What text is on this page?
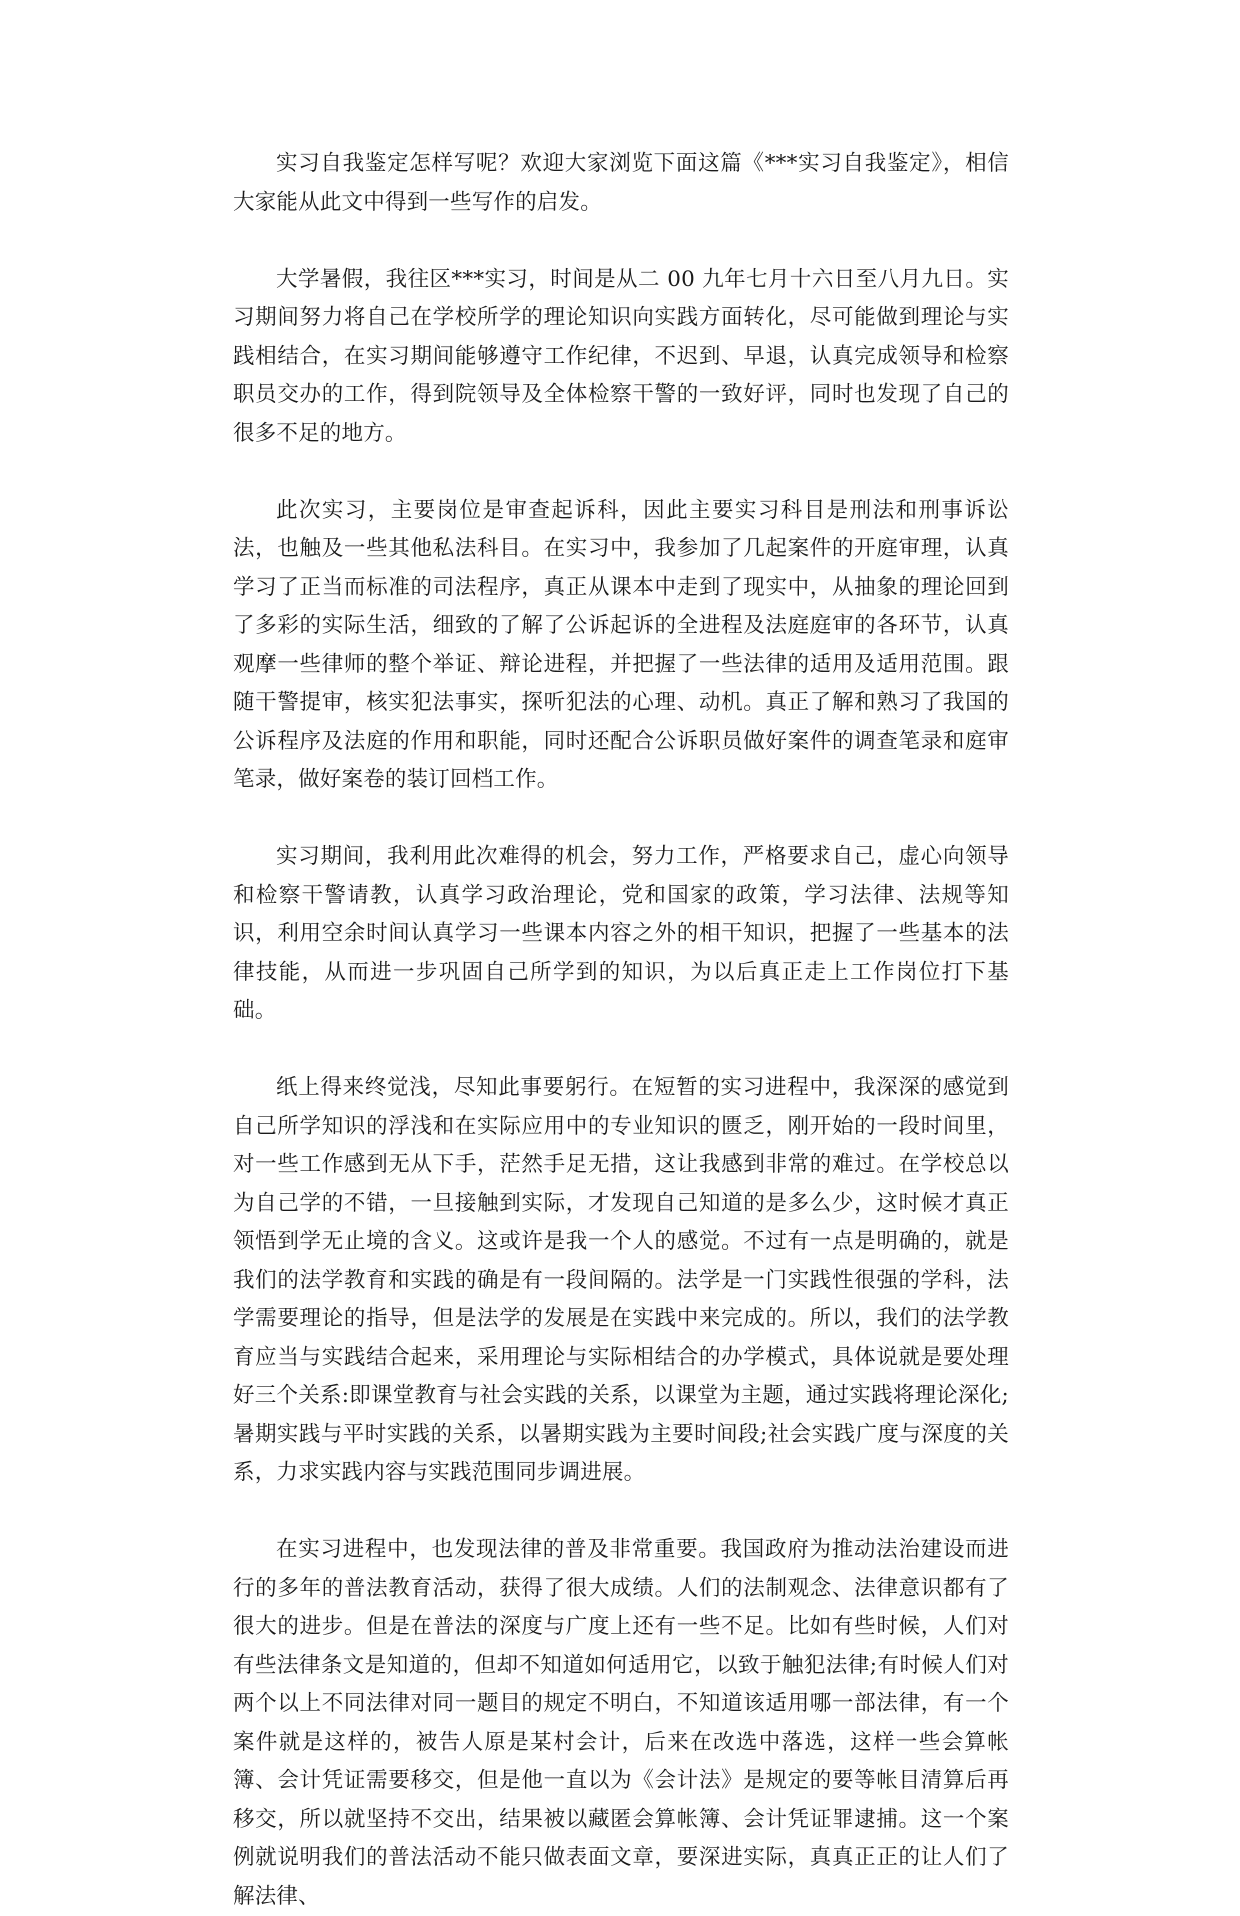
实习自我鉴定怎样写呢？欢迎大家浏览下面这篇《***实习自我鉴定》，相信大家能从此文中得到一些写作的启发。

大学暑假，我往区***实习，时间是从二 00 九年七月十六日至八月九日。实习期间努力将自己在学校所学的理论知识向实践方面转化，尽可能做到理论与实践相结合，在实习期间能够遵守工作纪律，不迟到、早退，认真完成领导和检察职员交办的工作，得到院领导及全体检察干警的一致好评，同时也发现了自己的很多不足的地方。

此次实习，主要岗位是审查起诉科，因此主要实习科目是刑法和刑事诉讼法，也触及一些其他私法科目。在实习中，我参加了几起案件的开庭审理，认真学习了正当而标准的司法程序，真正从课本中走到了现实中，从抽象的理论回到了多彩的实际生活，细致的了解了公诉起诉的全进程及法庭庭审的各环节，认真观摩一些律师的整个举证、辩论进程，并把握了一些法律的适用及适用范围。跟随干警提审，核实犯法事实，探听犯法的心理、动机。真正了解和熟习了我国的公诉程序及法庭的作用和职能，同时还配合公诉职员做好案件的调查笔录和庭审笔录，做好案卷的装订回档工作。

实习期间，我利用此次难得的机会，努力工作，严格要求自己，虚心向领导和检察干警请教，认真学习政治理论，党和国家的政策，学习法律、法规等知识，利用空余时间认真学习一些课本内容之外的相干知识，把握了一些基本的法律技能，从而进一步巩固自己所学到的知识，为以后真正走上工作岗位打下基础。

纸上得来终觉浅，尽知此事要躬行。在短暂的实习进程中，我深深的感觉到自己所学知识的浮浅和在实际应用中的专业知识的匮乏，刚开始的一段时间里，对一些工作感到无从下手，茫然手足无措，这让我感到非常的难过。在学校总以为自己学的不错，一旦接触到实际，才发现自己知道的是多么少，这时候才真正领悟到学无止境的含义。这或许是我一个人的感觉。不过有一点是明确的，就是我们的法学教育和实践的确是有一段间隔的。法学是一门实践性很强的学科，法学需要理论的指导，但是法学的发展是在实践中来完成的。所以，我们的法学教育应当与实践结合起来，采用理论与实际相结合的办学模式，具体说就是要处理好三个关系:即课堂教育与社会实践的关系，以课堂为主题，通过实践将理论深化;暑期实践与平时实践的关系，以暑期实践为主要时间段;社会实践广度与深度的关系，力求实践内容与实践范围同步调进展。

在实习进程中，也发现法律的普及非常重要。我国政府为推动法治建设而进行的多年的普法教育活动，获得了很大成绩。人们的法制观念、法律意识都有了很大的进步。但是在普法的深度与广度上还有一些不足。比如有些时候，人们对有些法律条文是知道的，但却不知道如何适用它，以致于触犯法律;有时候人们对两个以上不同法律对同一题目的规定不明白，不知道该适用哪一部法律，有一个案件就是这样的，被告人原是某村会计，后来在改选中落选，这样一些会算帐簿、会计凭证需要移交，但是他一直以为《会计法》是规定的要等帐目清算后再移交，所以就坚持不交出，结果被以藏匿会算帐簿、会计凭证罪逮捕。这一个案例就说明我们的普法活动不能只做表面文章，要深进实际，真真正正的让人们了解法律、
